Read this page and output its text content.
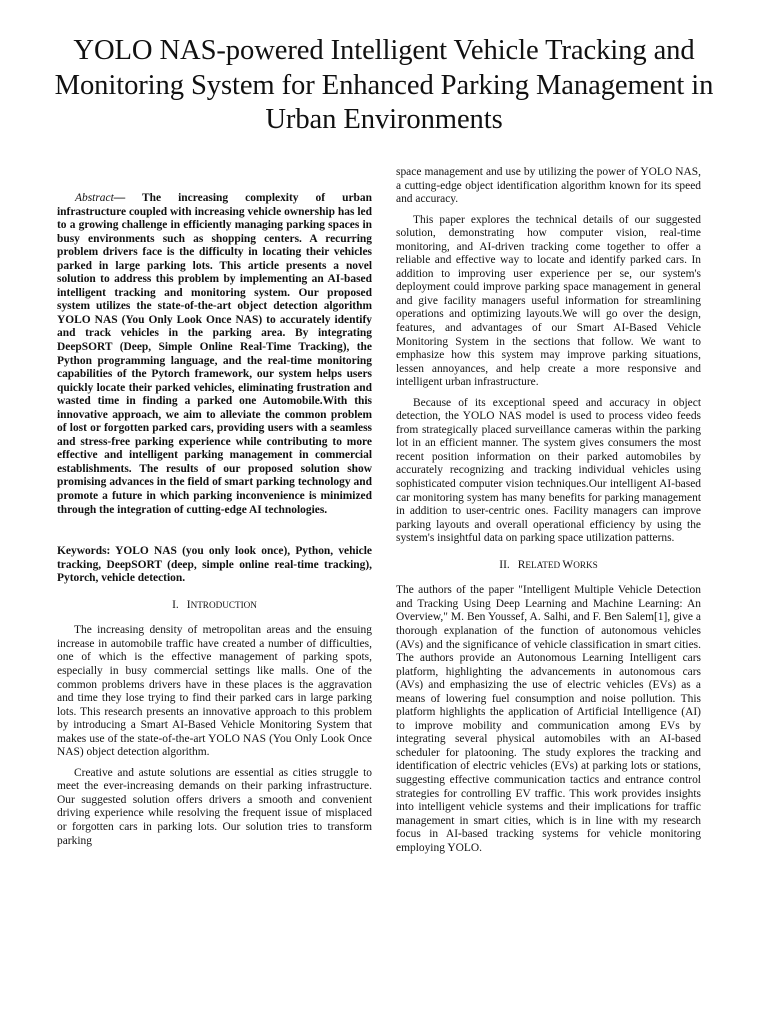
YOLO NAS-powered Intelligent Vehicle Tracking and Monitoring System for Enhanced Parking Management in Urban Environments

Abstract— The increasing complexity of urban infrastructure coupled with increasing vehicle ownership has led to a growing challenge in efficiently managing parking spaces in busy environments such as shopping centers. A recurring problem drivers face is the difficulty in locating their vehicles parked in large parking lots. This article presents a novel solution to address this problem by implementing an AI-based intelligent tracking and monitoring system. Our proposed system utilizes the state-of-the-art object detection algorithm YOLO NAS (You Only Look Once NAS) to accurately identify and track vehicles in the parking area. By integrating DeepSORT (Deep, Simple Online Real-Time Tracking), the Python programming language, and the real-time monitoring capabilities of the Pytorch framework, our system helps users quickly locate their parked vehicles, eliminating frustration and wasted time in finding a parked one Automobile.With this innovative approach, we aim to alleviate the common problem of lost or forgotten parked cars, providing users with a seamless and stress-free parking experience while contributing to more effective and intelligent parking management in commercial establishments. The results of our proposed solution show promising advances in the field of smart parking technology and promote a future in which parking inconvenience is minimized through the integration of cutting-edge AI technologies.

Keywords: YOLO NAS (you only look once), Python, vehicle tracking, DeepSORT (deep, simple online real-time tracking), Pytorch, vehicle detection.

I. INTRODUCTION

The increasing density of metropolitan areas and the ensuing increase in automobile traffic have created a number of difficulties, one of which is the effective management of parking spots, especially in busy commercial settings like malls. One of the common problems drivers have in these places is the aggravation and time they lose trying to find their parked cars in large parking lots. This research presents an innovative approach to this problem by introducing a Smart AI-Based Vehicle Monitoring System that makes use of the state-of-the-art YOLO NAS (You Only Look Once NAS) object detection algorithm.

Creative and astute solutions are essential as cities struggle to meet the ever-increasing demands on their parking infrastructure. Our suggested solution offers drivers a smooth and convenient driving experience while resolving the frequent issue of misplaced or forgotten cars in parking lots. Our solution tries to transform parking

space management and use by utilizing the power of YOLO NAS, a cutting-edge object identification algorithm known for its speed and accuracy.

This paper explores the technical details of our suggested solution, demonstrating how computer vision, real-time monitoring, and AI-driven tracking come together to offer a reliable and effective way to locate and identify parked cars. In addition to improving user experience per se, our system's deployment could improve parking space management in general and give facility managers useful information for streamlining operations and optimizing layouts.We will go over the design, features, and advantages of our Smart AI-Based Vehicle Monitoring System in the sections that follow. We want to emphasize how this system may improve parking situations, lessen annoyances, and help create a more responsive and intelligent urban infrastructure.

Because of its exceptional speed and accuracy in object detection, the YOLO NAS model is used to process video feeds from strategically placed surveillance cameras within the parking lot in an efficient manner. The system gives consumers the most recent position information on their parked automobiles by accurately recognizing and tracking individual vehicles using sophisticated computer vision techniques.Our intelligent AI-based car monitoring system has many benefits for parking management in addition to user-centric ones. Facility managers can improve parking layouts and overall operational efficiency by using the system's insightful data on parking space utilization patterns.

II. RELATED WORKS

The authors of the paper "Intelligent Multiple Vehicle Detection and Tracking Using Deep Learning and Machine Learning: An Overview," M. Ben Youssef, A. Salhi, and F. Ben Salem[1], give a thorough explanation of the function of autonomous vehicles (AVs) and the significance of vehicle classification in smart cities. The authors provide an Autonomous Learning Intelligent cars platform, highlighting the advancements in autonomous cars (AVs) and emphasizing the use of electric vehicles (EVs) as a means of lowering fuel consumption and noise pollution. This platform highlights the application of Artificial Intelligence (AI) to improve mobility and communication among EVs by integrating several physical automobiles with an AI-based scheduler for platooning. The study explores the tracking and identification of electric vehicles (EVs) at parking lots or stations, suggesting effective communication tactics and entrance control strategies for controlling EV traffic. This work provides insights into intelligent vehicle systems and their implications for traffic management in smart cities, which is in line with my research focus in AI-based tracking systems for vehicle monitoring employing YOLO.
